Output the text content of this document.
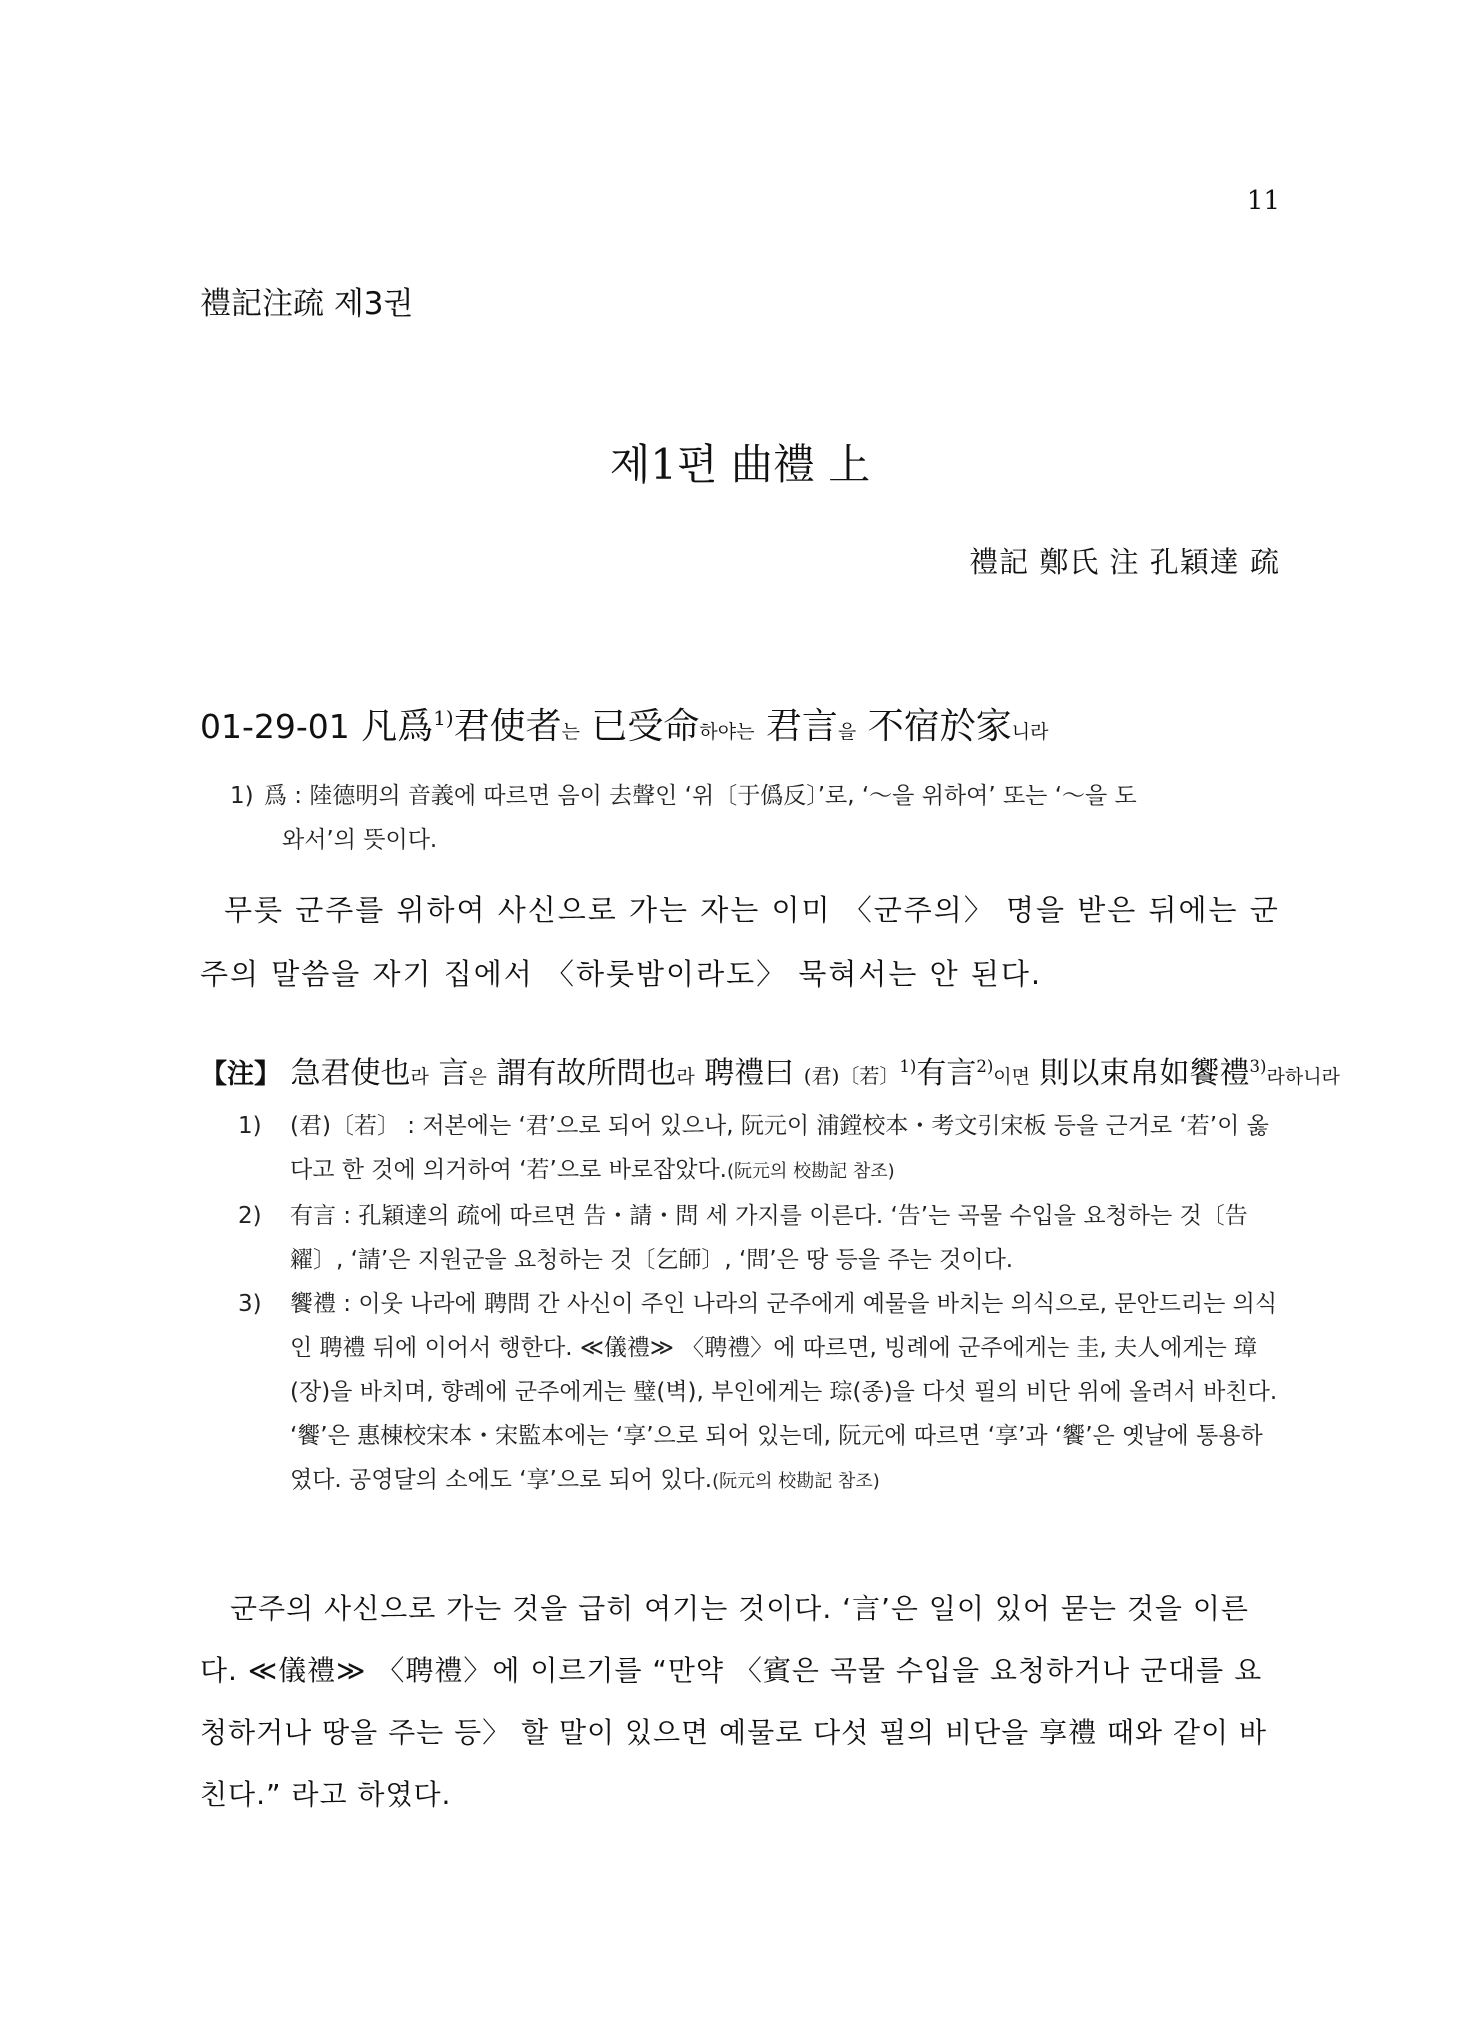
11
禮記注疏 제3권
제1편 曲禮 上
禮記 鄭氏 注 孔穎達 疏
01-29-01 凡爲$^{1)}$君使者는 已受命하야는 君言을 不宿於家니라
1) 爲 : 陸德明의 音義에 따르면 음이 去聲인 ‘위〔于僞反〕’로, ‘～을 위하여’ 또는 ‘～을 도
와서’의 뜻이다.
무릇 군주를 위하여 사신으로 가는 자는 이미 〈군주의〉 명을 받은 뒤에는 군주의 말씀을 자기 집에서 〈하룻밤이라도〉 묵혀서는 안 된다.
【注】 急君使也라 言은 謂有故所問也라 聘禮曰 (君)〔若〕$^{1)}$有言$^{2)}$이면 則以束帛如饗禮$^{3)}$라하니라
1)	(君)〔若〕 : 저본에는 ‘君’으로 되어 있으나, 阮元이 浦鏜校本・考文引宋板 등을 근거로 ‘若’이 옳다고 한 것에 의거하여 ‘若’으로 바로잡았다.(阮元의 校勘記 참조)
2)	有言 : 孔穎達의 疏에 따르면 告・請・問 세 가지를 이른다. ‘告’는 곡물 수입을 요청하는 것〔告糴〕, ‘請’은 지원군을 요청하는 것〔乞師〕, ‘問’은 땅 등을 주는 것이다.
3)	饗禮 : 이웃 나라에 聘問 간 사신이 주인 나라의 군주에게 예물을 바치는 의식으로, 문안드리는 의식인 聘禮 뒤에 이어서 행한다. ≪儀禮≫ 〈聘禮〉에 따르면, 빙례에 군주에게는 圭, 夫人에게는 璋(장)을 바치며, 향례에 군주에게는 璧(벽), 부인에게는 琮(종)을 다섯 필의 비단 위에 올려서 바친다. ‘饗’은 惠棟校宋本・宋監本에는 ‘享’으로 되어 있는데, 阮元에 따르면 ‘享’과 ‘饗’은 옛날에 통용하였다. 공영달의 소에도 ‘享’으로 되어 있다.(阮元의 校勘記 참조)
군주의 사신으로 가는 것을 급히 여기는 것이다. ‘言’은 일이 있어 묻는 것을 이른다. ≪儀禮≫ 〈聘禮〉에 이르기를 “만약 〈賓은 곡물 수입을 요청하거나 군대를 요청하거나 땅을 주는 등〉 할 말이 있으면 예물로 다섯 필의 비단을 享禮 때와 같이 바친다.” 라고 하였다.
